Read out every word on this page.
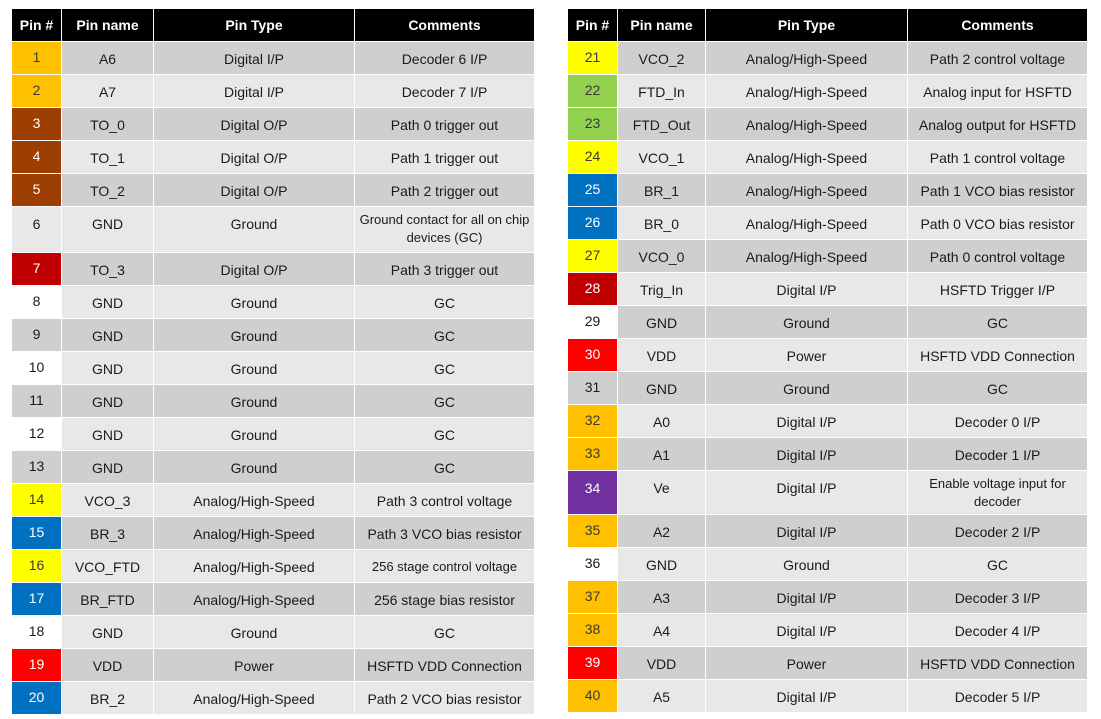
Pin #	Pin name	Pin Type	Comments
1	A6	Digital I/P	Decoder 6 I/P
2	A7	Digital I/P	Decoder 7 I/P
3	TO_0	Digital O/P	Path 0 trigger out
4	TO_1	Digital O/P	Path 1 trigger out
5	TO_2	Digital O/P	Path 2 trigger out
6	GND	Ground	Ground contact for all on chip devices (GC)
7	TO_3	Digital O/P	Path 3 trigger out
8	GND	Ground	GC
9	GND	Ground	GC
10	GND	Ground	GC
11	GND	Ground	GC
12	GND	Ground	GC
13	GND	Ground	GC
14	VCO_3	Analog/High-Speed	Path 3 control voltage
15	BR_3	Analog/High-Speed	Path 3 VCO bias resistor
16	VCO_FTD	Analog/High-Speed	256 stage control voltage
17	BR_FTD	Analog/High-Speed	256 stage bias resistor
18	GND	Ground	GC
19	VDD	Power	HSFTD VDD Connection
20	BR_2	Analog/High-Speed	Path 2 VCO bias resistor
Pin #	Pin name	Pin Type	Comments
21	VCO_2	Analog/High-Speed	Path 2 control voltage
22	FTD_In	Analog/High-Speed	Analog input for HSFTD
23	FTD_Out	Analog/High-Speed	Analog output for HSFTD
24	VCO_1	Analog/High-Speed	Path 1 control voltage
25	BR_1	Analog/High-Speed	Path 1 VCO bias resistor
26	BR_0	Analog/High-Speed	Path 0 VCO bias resistor
27	VCO_0	Analog/High-Speed	Path 0 control voltage
28	Trig_In	Digital I/P	HSFTD Trigger I/P
29	GND	Ground	GC
30	VDD	Power	HSFTD VDD Connection
31	GND	Ground	GC
32	A0	Digital I/P	Decoder 0 I/P
33	A1	Digital I/P	Decoder 1 I/P
34	Ve	Digital I/P	Enable voltage input for decoder
35	A2	Digital I/P	Decoder 2 I/P
36	GND	Ground	GC
37	A3	Digital I/P	Decoder 3 I/P
38	A4	Digital I/P	Decoder 4 I/P
39	VDD	Power	HSFTD VDD Connection
40	A5	Digital I/P	Decoder 5 I/P
